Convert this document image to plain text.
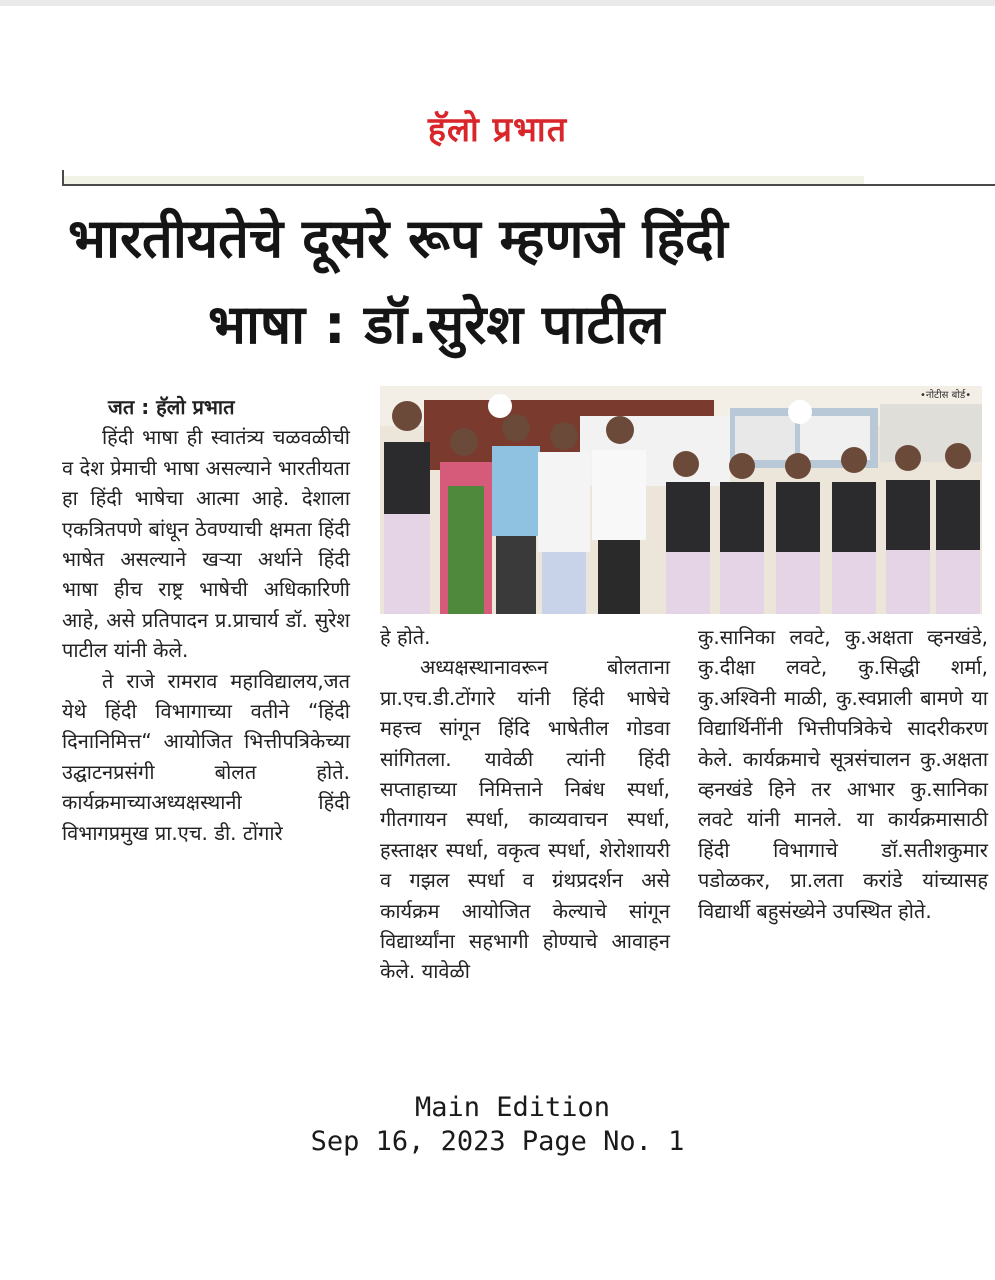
हॅलो प्रभात
भारतीयतेचे दूसरे रूप म्हणजे हिंदी
भाषा : डॉ.सुरेश पाटील

जत : हॅलो प्रभात

हिंदी भाषा ही स्वातंत्र्य चळवळीची व देश प्रेमाची भाषा असल्याने भारतीयता हा हिंदी भाषेचा आत्मा आहे. देशाला एकत्रितपणे बांधून ठेवण्याची क्षमता हिंदी भाषेत असल्याने खऱ्या अर्थाने हिंदी भाषा हीच राष्ट्र भाषेची अधिकारिणी आहे, असे प्रतिपादन प्र.प्राचार्य डॉ. सुरेश पाटील यांनी केले.

ते राजे रामराव महाविद्यालय,जत येथे हिंदी विभागाच्या वतीने “हिंदी दिनानिमित्त“ आयोजित भित्तीपत्रिकेच्या उद्घाटनप्रसंगी बोलत होते. कार्यक्रमाच्याअध्यक्षस्थानी हिंदी विभागप्रमुख प्रा.एच. डी. टोंगारे

•नोटीस बोर्ड•

हे होते.

अध्यक्षस्थानावरून बोलताना प्रा.एच.डी.टोंगारे यांनी हिंदी भाषेचे महत्त्व सांगून हिंदि भाषेतील गोडवा सांगितला. यावेळी त्यांनी हिंदी सप्ताहाच्या निमित्ताने निबंध स्पर्धा, गीतगायन स्पर्धा, काव्यवाचन स्पर्धा, हस्ताक्षर स्पर्धा, वकृत्व स्पर्धा, शेरोशायरी व गझल स्पर्धा व ग्रंथप्रदर्शन असे कार्यक्रम आयोजित केल्याचे सांगून विद्यार्थ्यांना सहभागी होण्याचे आवाहन केले. यावेळी

कु.सानिका लवटे, कु.अक्षता व्हनखंडे, कु.दीक्षा लवटे, कु.सिद्धी शर्मा, कु.अश्विनी माळी, कु.स्वप्नाली बामणे या विद्यार्थिनींनी भित्तीपत्रिकेचे सादरीकरण केले. कार्यक्रमाचे सूत्रसंचालन कु.अक्षता व्हनखंडे हिने तर आभार कु.सानिका लवटे यांनी मानले. या कार्यक्रमासाठी हिंदी विभागाचे डॉ.सतीशकुमार पडोळकर, प्रा.लता करांडे यांच्यासह विद्यार्थी बहुसंख्येने उपस्थित होते.

Main Edition
Sep 16, 2023 Page No. 1
